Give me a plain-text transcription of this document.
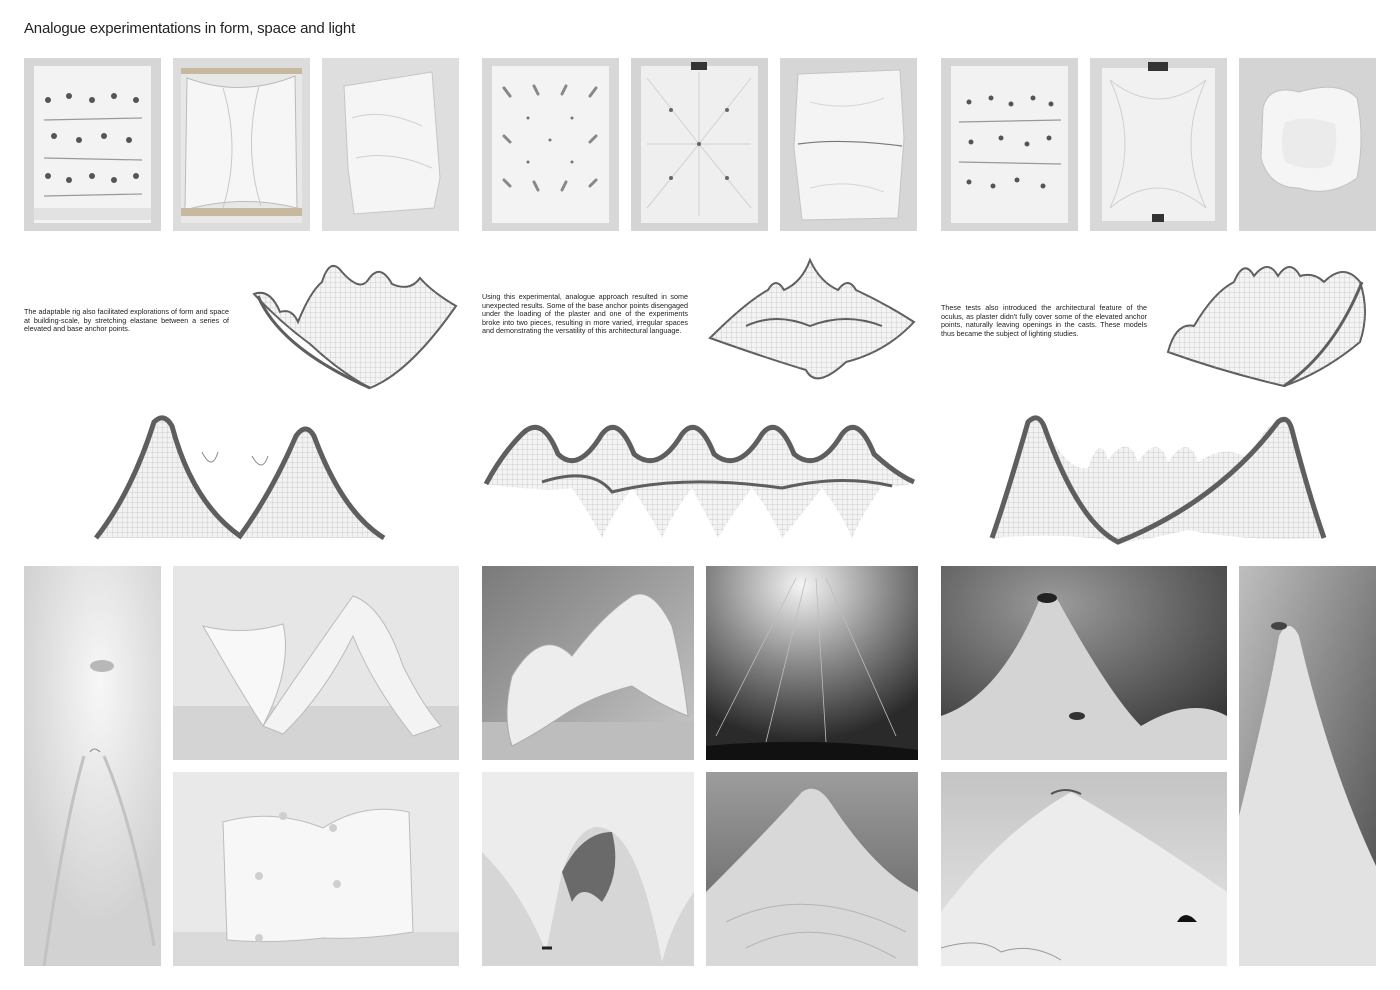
Analogue experimentations in form, space and light

The adaptable rig also facilitated explorations of form and space at building-scale, by stretching elastane between a series of elevated and base anchor points.

Using this experimental, analogue approach resulted in some unexpected results. Some of the base anchor points disengaged under the loading of the plaster and one of the experiments broke into two pieces, resulting in more varied, irregular spaces and demonstrating the versatility of this architectural language.

These tests also introduced the architectural feature of the oculus, as plaster didn't fully cover some of the elevated anchor points, naturally leaving openings in the casts. These models thus became the subject of lighting studies.
